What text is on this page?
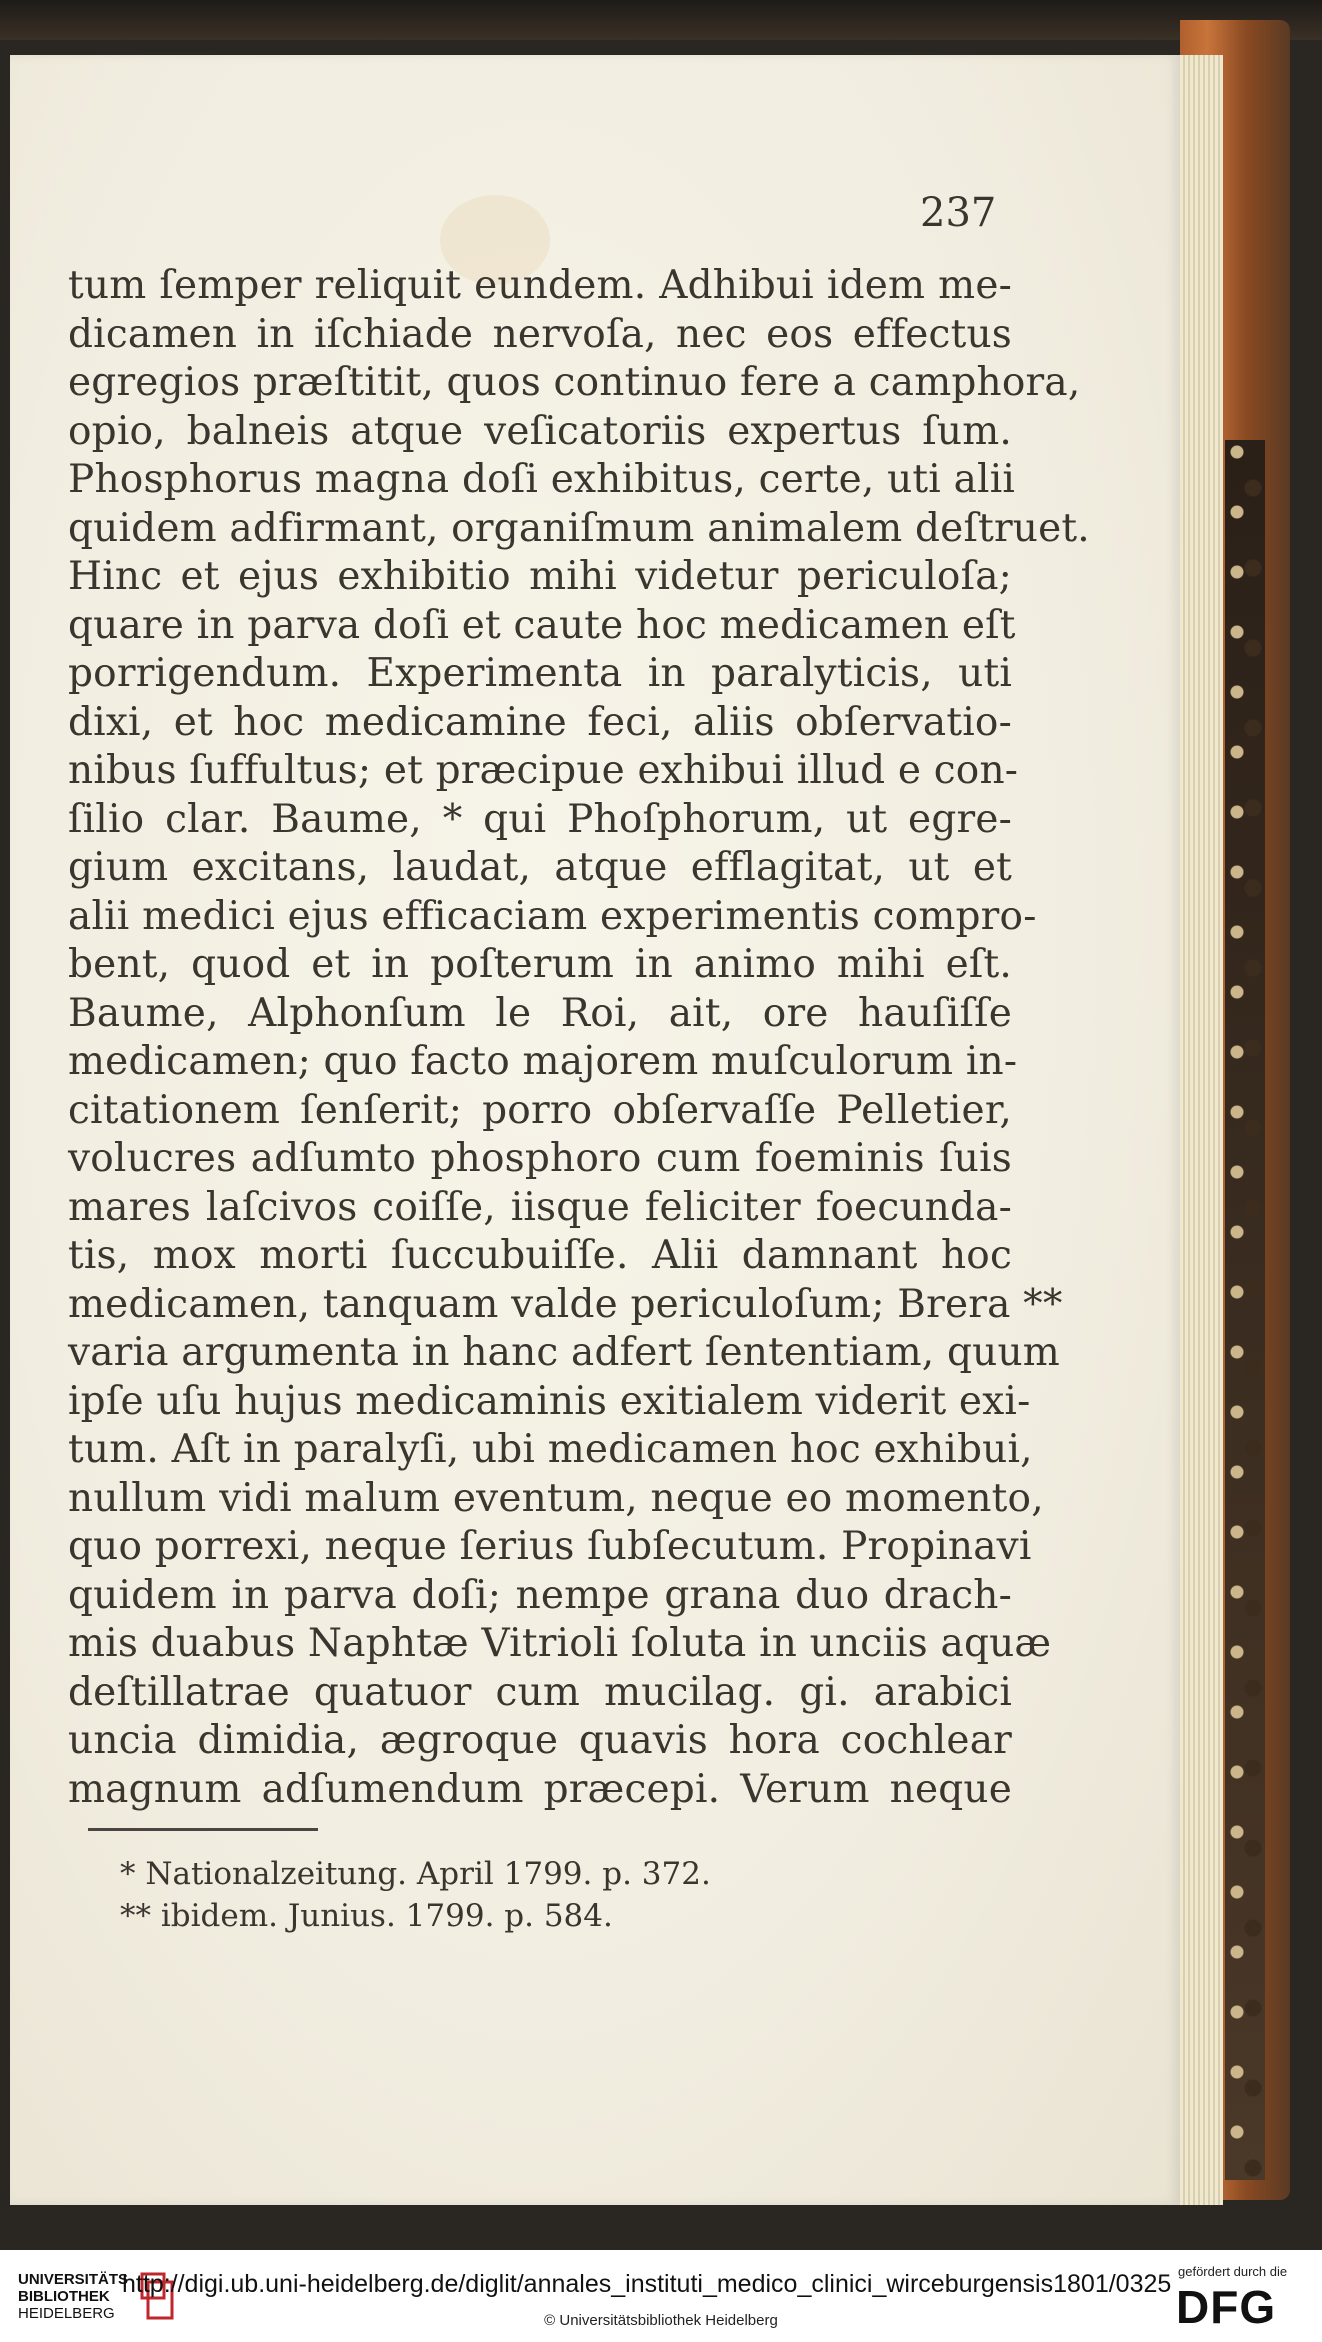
237
tum ſemper reliquit eundem. Adhibui idem me-
dicamen in iſchiade nervoſa, nec eos effectus
egregios præſtitit, quos continuo fere a camphora,
opio, balneis atque veſicatoriis expertus ſum.
Phosphorus magna doſi exhibitus, certe, uti alii
quidem adfirmant, organiſmum animalem deſtruet.
Hinc et ejus exhibitio mihi videtur periculoſa;
quare in parva doſi et caute hoc medicamen eſt
porrigendum. Experimenta in paralyticis, uti
dixi, et hoc medicamine feci, aliis obſervatio-
nibus ſuffultus; et præcipue exhibui illud e con-
ſilio clar. Baume, * qui Phoſphorum, ut egre-
gium excitans, laudat, atque efflagitat, ut et
alii medici ejus efficaciam experimentis compro-
bent, quod et in poſterum in animo mihi eſt.
Baume, Alphonſum le Roi, ait, ore hauſiſſe
medicamen; quo facto majorem muſculorum in-
citationem ſenſerit; porro obſervaſſe Pelletier,
volucres adſumto phosphoro cum foeminis ſuis
mares laſcivos coiſſe, iisque feliciter foecunda-
tis, mox morti ſuccubuiſſe. Alii damnant hoc
medicamen, tanquam valde periculoſum; Brera **
varia argumenta in hanc adfert ſententiam, quum
ipſe uſu hujus medicaminis exitialem viderit exi-
tum. Aſt in paralyſi, ubi medicamen hoc exhibui,
nullum vidi malum eventum, neque eo momento,
quo porrexi, neque ſerius ſubſecutum. Propinavi
quidem in parva doſi; nempe grana duo drach-
mis duabus Naphtæ Vitrioli ſoluta in unciis aquæ
deſtillatrae quatuor cum mucilag. gi. arabici
uncia dimidia, ægroque quavis hora cochlear
magnum adſumendum præcepi. Verum neque
* Nationalzeitung. April 1799. p. 372.
** ibidem. Junius. 1799. p. 584.
UNIVERSITÄTS
BIBLIOTHEK
HEIDELBERG
http://digi.ub.uni-heidelberg.de/diglit/annales_instituti_medico_clinici_wirceburgensis1801/0325
© Universitätsbibliothek Heidelberg
gefördert durch die
DFG
